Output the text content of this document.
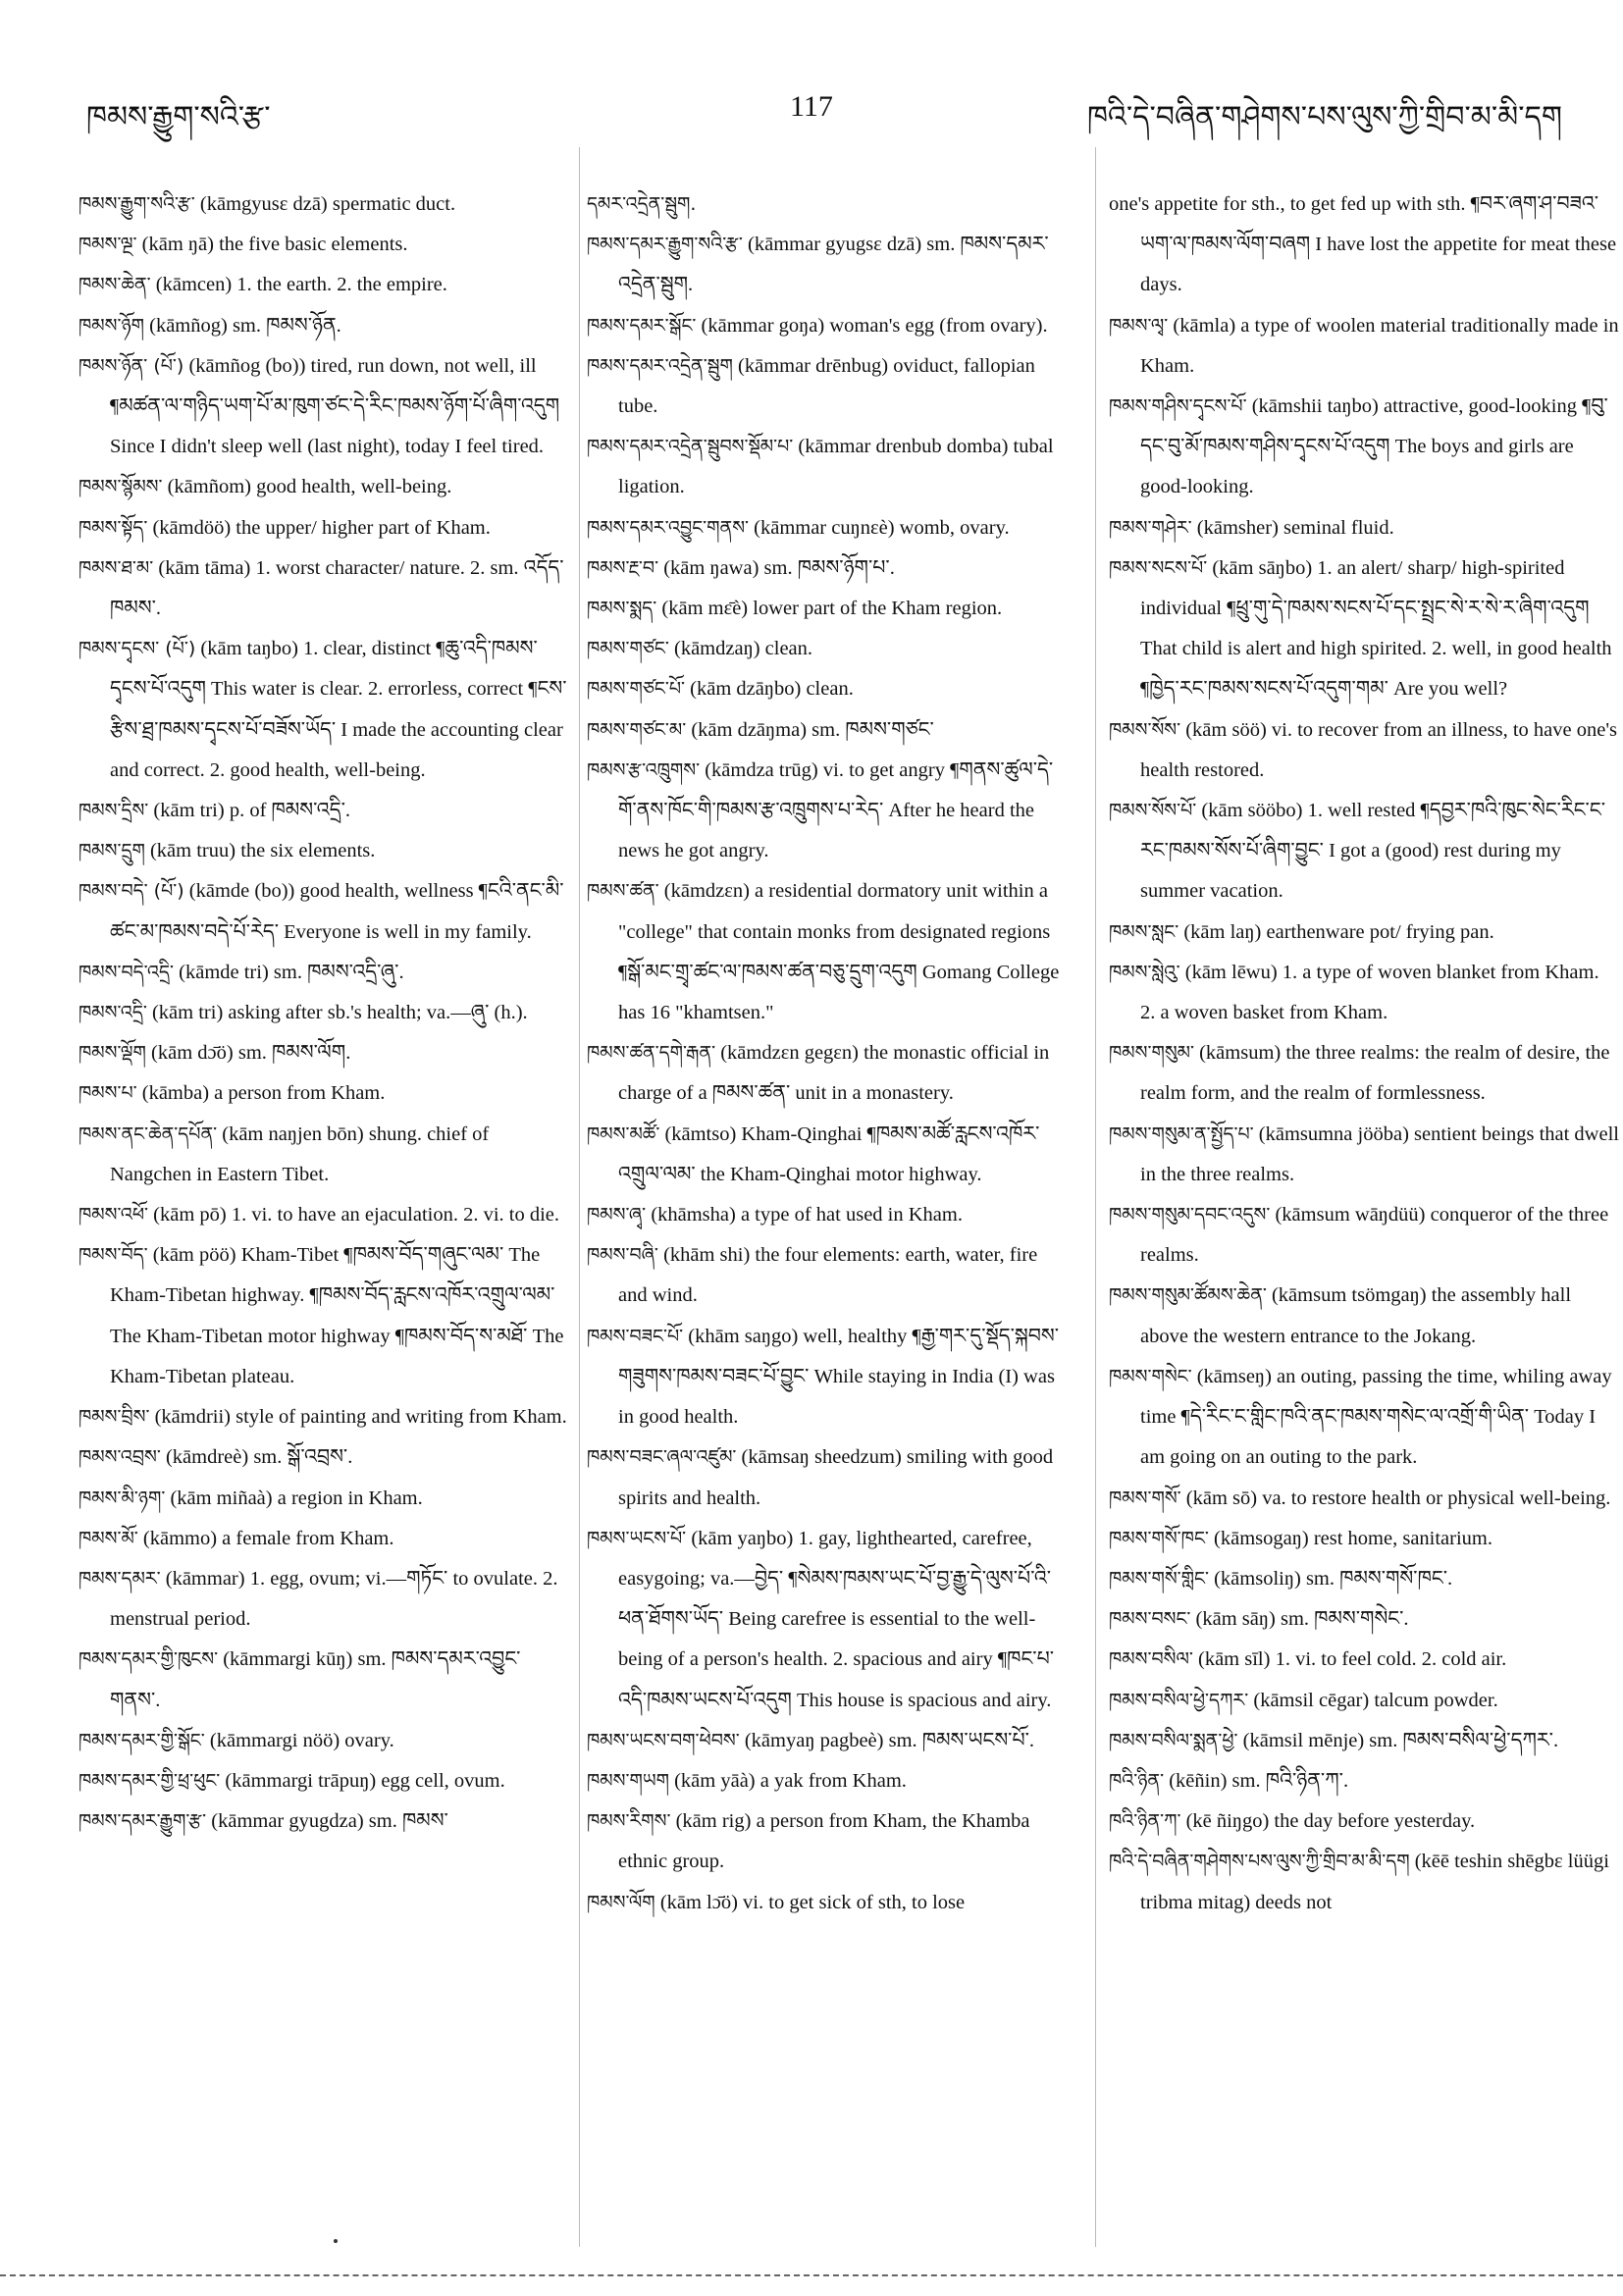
ཁམས་རྒྱུག་སའི་རྩ་	117	ཁའི་དེ་བཞིན་གཤེགས་པས་ལུས་ཀྱི་གྲིབ་མ་མི་དག
ཁམས་རྒྱུག་སའི་རྩ་ (kāmgyusɛ dzā) spermatic duct.
ཁམས་ལྔ་ (kām ŋā) the five basic elements.
ཁམས་ཆེན་ (kāmcen) 1. the earth. 2. the empire.
ཁམས་ཉོག (kāmñog) sm. ཁམས་ཉོན.
ཁམས་ཉོན་ (པོ་) (kāmñog (bo)) tired, run down, not well, ill ¶མཚན་ལ་གཉིད་ཡག་པོ་མ་ཁུག་ཙང་དེ་རིང་ཁམས་ཉོག་པོ་ཞིག་འདུག Since I didn't sleep well (last night), today I feel tired.
ཁམས་སྙོམས་ (kāmñom) good health, well-being.
ཁམས་སྟོད་ (kāmdöö) the upper/ higher part of Kham.
ཁམས་ཐ་མ་ (kām tāma) 1. worst character/ nature. 2. sm. འདོད་ཁམས་.
ཁམས་དྭངས་ (པོ་) (kām taŋbo) 1. clear, distinct ¶ཆུ་འདི་ཁམས་དྭངས་པོ་འདུག This water is clear. 2. errorless, correct ¶ངས་རྩིས་ཐྲ་ཁམས་དྭངས་པོ་བཟོས་ཡོད་ I made the accounting clear and correct. 2. good health, well-being.
ཁམས་དྲིས་ (kām tri) p. of ཁམས་འདྲི་.
ཁམས་དྲུག (kām truu) the six elements.
ཁམས་བདེ་ (པོ་) (kāmde (bo)) good health, wellness ¶ངའི་ནང་མི་ཚང་མ་ཁམས་བདེ་པོ་རེད་ Everyone is well in my family.
ཁམས་བདེ་འདྲི་ (kāmde tri) sm. ཁམས་འདྲི་ཞུ་.
ཁམས་འདྲི་ (kām tri) asking after sb.'s health; va.—ཞུ་ (h.).
ཁམས་ལྡོག (kām dɔ̄ö) sm. ཁམས་ལོག.
ཁམས་པ་ (kāmba) a person from Kham.
ཁམས་ནང་ཆེན་དཔོན་ (kām naŋjen bōn) shung. chief of Nangchen in Eastern Tibet.
ཁམས་འཕོ་ (kām pō) 1. vi. to have an ejaculation. 2. vi. to die.
ཁམས་བོད་ (kām pöö) Kham-Tibet ¶ཁམས་བོད་གཞུང་ལམ་ The Kham-Tibetan highway. ¶ཁམས་བོད་རླངས་འཁོར་འགྲུལ་ལམ་ The Kham-Tibetan motor highway ¶ཁམས་བོད་ས་མཐོ་ The Kham-Tibetan plateau.
ཁམས་བྲིས་ (kāmdrii) style of painting and writing from Kham.
ཁམས་འབྲས་ (kāmdreè) sm. སྒོ་འབྲས་.
ཁམས་མི་ཉག་ (kām miñaà) a region in Kham.
ཁམས་མོ་ (kāmmo) a female from Kham.
ཁམས་དམར་ (kāmmar) 1. egg, ovum; vi.—གཏོང་ to ovulate. 2. menstrual period.
ཁམས་དམར་གྱི་ཁུངས་ (kāmmargi kūŋ) sm. ཁམས་དམར་འབྱུང་གནས་.
ཁམས་དམར་གྱི་སྒོང་ (kāmmargi nöö) ovary.
ཁམས་དམར་གྱི་ཕྲ་ཕུང་ (kāmmargi trāpuŋ) egg cell, ovum.
ཁམས་དམར་རྒྱུག་རྩ་ (kāmmar gyugdza) sm. ཁམས་
དམར་འདྲེན་སྦུག.
ཁམས་དམར་རྒྱུག་སའི་རྩ་ (kāmmar gyugsɛ dzā) sm. ཁམས་དམར་འདྲེན་སྦུག.
ཁམས་དམར་སྒོང་ (kāmmar goŋa) woman's egg (from ovary).
ཁམས་དམར་འདྲེན་སྦུག (kāmmar drēnbug) oviduct, fallopian tube.
ཁམས་དམར་འདྲེན་སྦུབས་སྡོམ་པ་ (kāmmar drenbub domba) tubal ligation.
ཁམས་དམར་འབྱུང་གནས་ (kāmmar cuŋnɛè) womb, ovary.
ཁམས་རྔ་བ་ (kām ŋawa) sm. ཁམས་ཉོག་པ་.
ཁམས་སྨད་ (kām mɛ̄è) lower part of the Kham region.
ཁམས་གཙང་ (kāmdzaŋ) clean.
ཁམས་གཙང་པོ་ (kām dzāŋbo) clean.
ཁམས་གཙང་མ་ (kām dzāŋma) sm. ཁམས་གཙང་
ཁམས་རྩ་འཁྲུགས་ (kāmdza trūg) vi. to get angry ¶གནས་ཚུལ་དེ་གོ་ནས་ཁོང་གི་ཁམས་རྩ་འཁྲུགས་པ་རེད་ After he heard the news he got angry.
ཁམས་ཚན་ (kāmdzɛn) a residential dormatory unit within a "college" that contain monks from designated regions ¶སྒོ་མང་གྲྭ་ཚང་ལ་ཁམས་ཚན་བཅུ་དྲུག་འདུག Gomang College has 16 "khamtsen."
ཁམས་ཚན་དགེ་རྒན་ (kāmdzɛn gegɛn) the monastic official in charge of a ཁམས་ཚན་ unit in a monastery.
ཁམས་མཚོ་ (kāmtso) Kham-Qinghai ¶ཁམས་མཚོ་རླངས་འཁོར་འགྲུལ་ལམ་ the Kham-Qinghai motor highway.
ཁམས་ཞྭ་ (khāmsha) a type of hat used in Kham.
ཁམས་བཞི་ (khām shi) the four elements: earth, water, fire and wind.
ཁམས་བཟང་པོ་ (khām saŋgo) well, healthy ¶རྒྱ་གར་དུ་སྡོད་སྐབས་གཟུགས་ཁམས་བཟང་པོ་བྱུང་ While staying in India (I) was in good health.
ཁམས་བཟང་ཞལ་འཛུམ་ (kāmsaŋ sheedzum) smiling with good spirits and health.
ཁམས་ཡངས་པོ་ (kām yaŋbo) 1. gay, lighthearted, carefree, easygoing; va.—བྱེད་ ¶སེམས་ཁམས་ཡང་པོ་བྱ་རྒྱུ་དེ་ལུས་པོ་འི་ཕན་ཐོགས་ཡོད་ Being carefree is essential to the well-being of a person's health. 2. spacious and airy ¶ཁང་པ་འདི་ཁམས་ཡངས་པོ་འདུག This house is spacious and airy.
ཁམས་ཡངས་བག་ཕེབས་ (kāmyaŋ pagbeè) sm. ཁམས་ཡངས་པོ་.
ཁམས་གཡག (kām yāà) a yak from Kham.
ཁམས་རིགས་ (kām rig) a person from Kham, the Khamba ethnic group.
ཁམས་ལོག (kām lɔ̄ö) vi. to get sick of sth, to lose
one's appetite for sth., to get fed up with sth. ¶བར་ཞག་ཤ་བཟའ་ཡག་ལ་ཁམས་ལོག་བཞག I have lost the appetite for meat these days.
ཁམས་ལྭ་ (kāmla) a type of woolen material traditionally made in Kham.
ཁམས་གཤིས་དྭངས་པོ་ (kāmshii taŋbo) attractive, good-looking ¶བུ་དང་བུ་མོ་ཁམས་གཤིས་དྭངས་པོ་འདུག The boys and girls are good-looking.
ཁམས་གཤེར་ (kāmsher) seminal fluid.
ཁམས་སངས་པོ་ (kām sāŋbo) 1. an alert/ sharp/ high-spirited individual ¶ཕྲུ་གུ་དེ་ཁམས་སངས་པོ་དང་སྤྲང་སེ་ར་སེ་ར་ཞིག་འདུག That child is alert and high spirited. 2. well, in good health ¶ཁྱེད་རང་ཁམས་སངས་པོ་འདུག་གམ་ Are you well?
ཁམས་སོས་ (kām söö) vi. to recover from an illness, to have one's health restored.
ཁམས་སོས་པོ་ (kām sööbo) 1. well rested ¶དབྱར་ཁའི་ཁུང་སེང་རིང་ང་རང་ཁམས་སོས་པོ་ཞིག་བྱུང་ I got a (good) rest during my summer vacation.
ཁམས་སླང་ (kām laŋ) earthenware pot/ frying pan.
ཁམས་སླེའུ་ (kām lēwu) 1. a type of woven blanket from Kham. 2. a woven basket from Kham.
ཁམས་གསུམ་ (kāmsum) the three realms: the realm of desire, the realm form, and the realm of formlessness.
ཁམས་གསུམ་ན་སྤྱོད་པ་ (kāmsumna jööba) sentient beings that dwell in the three realms.
ཁམས་གསུམ་དབང་འདུས་ (kāmsum wāŋdüü) conqueror of the three realms.
ཁམས་གསུམ་ཚོམས་ཆེན་ (kāmsum tsömgaŋ) the assembly hall above the western entrance to the Jokang.
ཁམས་གསེང་ (kāmseŋ) an outing, passing the time, whiling away time ¶དེ་རིང་ང་གླིང་ཁའི་ནང་ཁམས་གསེང་ལ་འགྲོ་གི་ཡིན་ Today I am going on an outing to the park.
ཁམས་གསོ་ (kām sō) va. to restore health or physical well-being.
ཁམས་གསོ་ཁང་ (kāmsogaŋ) rest home, sanitarium.
ཁམས་གསོ་གླིང་ (kāmsoliŋ) sm. ཁམས་གསོ་ཁང་.
ཁམས་བསང་ (kām sāŋ) sm. ཁམས་གསེང་.
ཁམས་བསིལ་ (kām sīl) 1. vi. to feel cold. 2. cold air.
ཁམས་བསིལ་ཕྱེ་དཀར་ (kāmsil cēgar) talcum powder.
ཁམས་བསིལ་སྨན་ཕྱེ་ (kāmsil mēnje) sm. ཁམས་བསིལ་ཕྱེ་དཀར་.
ཁའི་ཉིན་ (kēñin) sm. ཁའི་ཉིན་ཀ་.
ཁའི་ཉིན་ཀ་ (kē ñiŋgo) the day before yesterday.
ཁའི་དེ་བཞིན་གཤེགས་པས་ལུས་ཀྱི་གྲིབ་མ་མི་དག (kēē teshin shēgbɛ lüügi tribma mitag) deeds not
